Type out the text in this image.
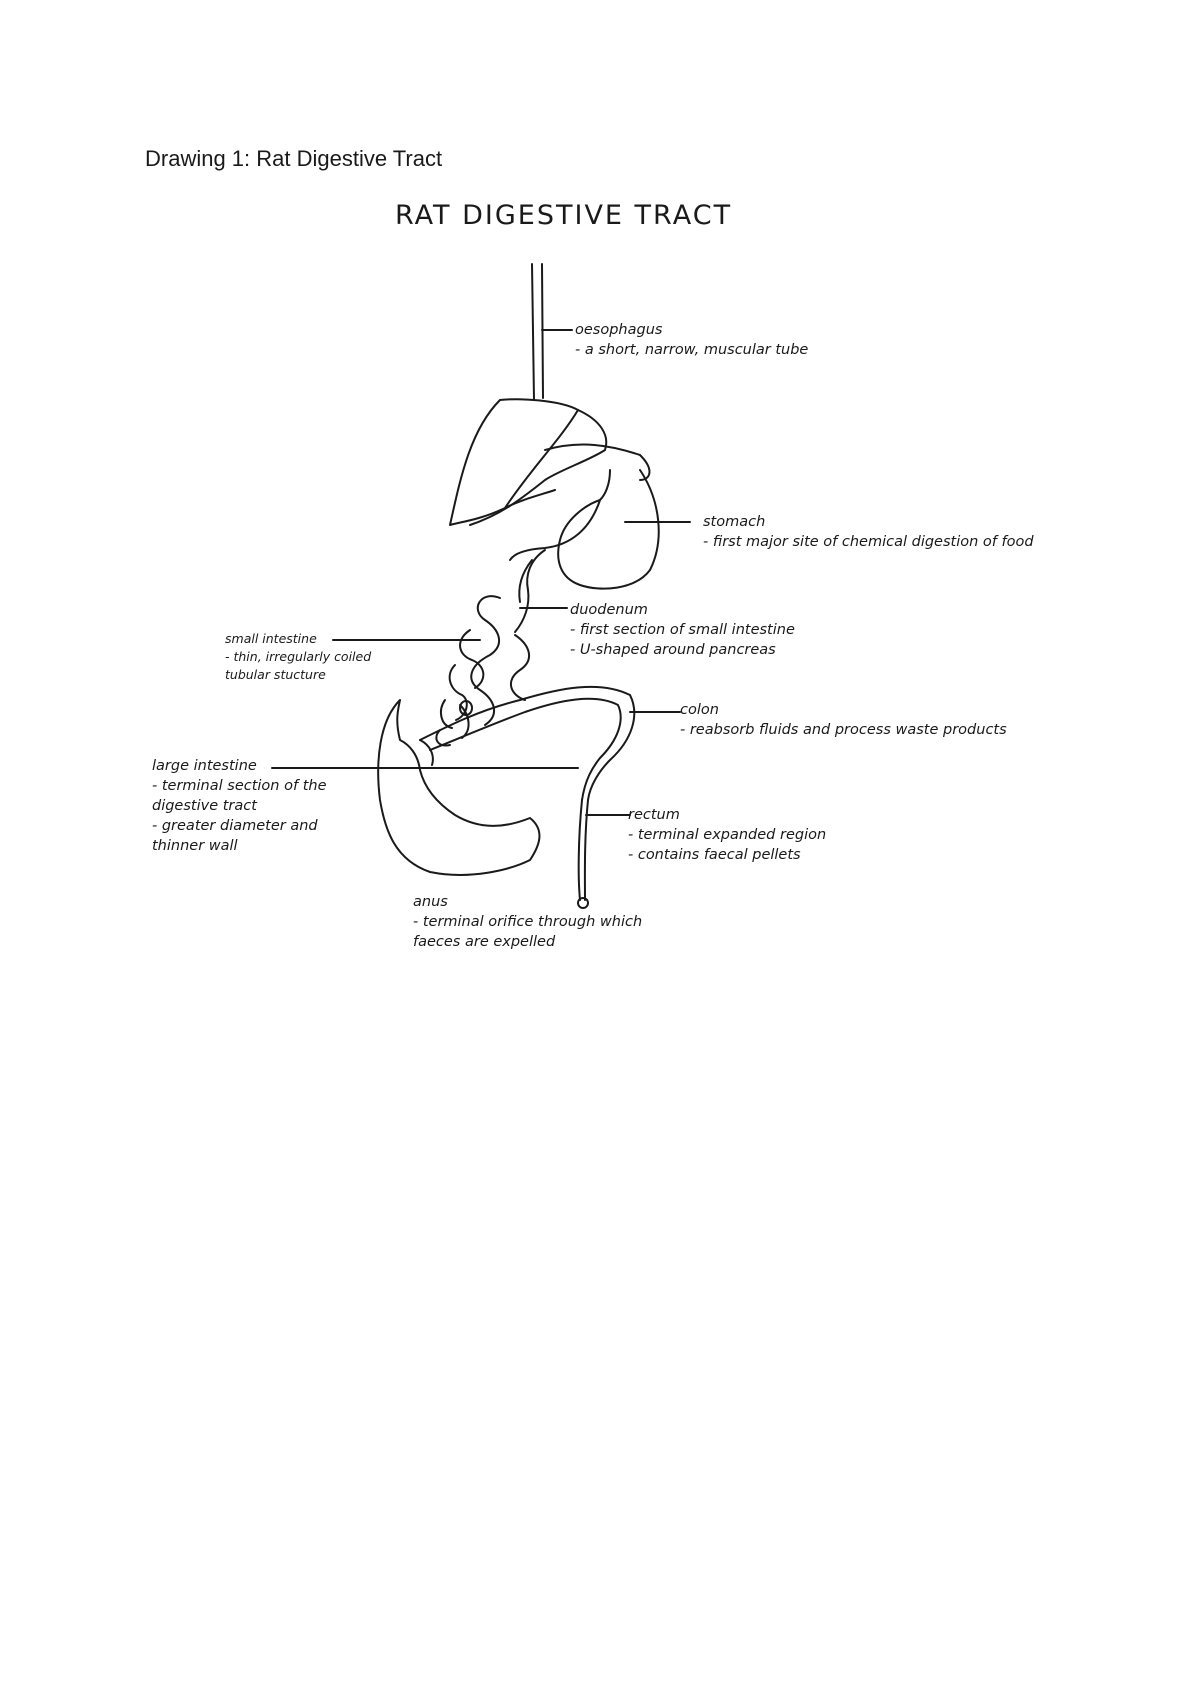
Drawing 1: Rat Digestive Tract
RAT DIGESTIVE TRACT
oesophagus
- a short, narrow, muscular tube
stomach
- first major site of chemical digestion of food
duodenum
- first section of small intestine
- U-shaped around pancreas
small intestine
- thin, irregularly coiled
tubular stucture
colon
- reabsorb fluids and process waste products
large intestine
- terminal section of the
digestive tract
- greater diameter and
thinner wall
rectum
- terminal expanded region
- contains faecal pellets
anus
- terminal orifice through which
faeces are expelled
